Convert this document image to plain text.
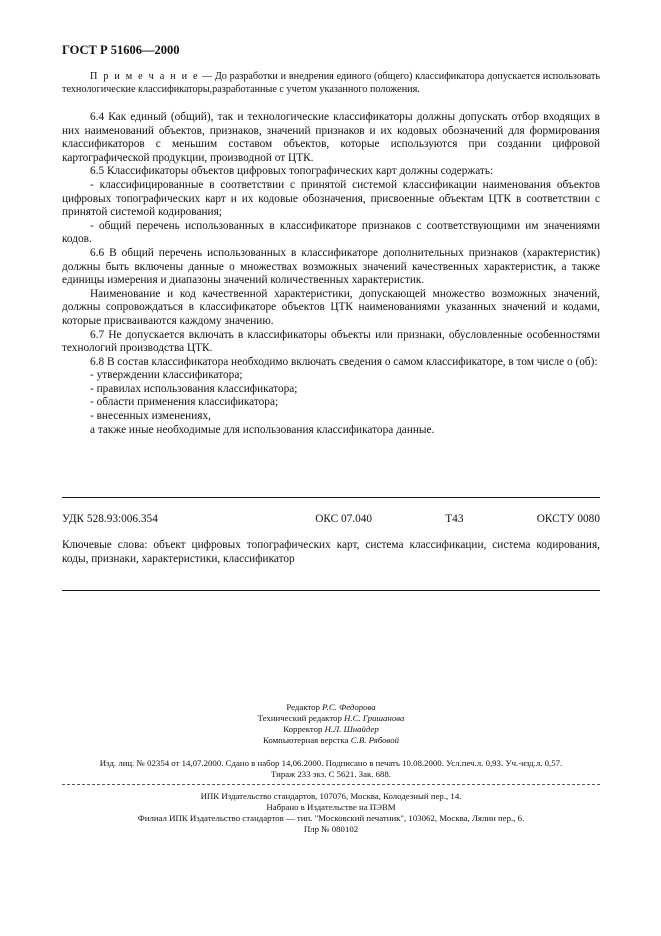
ГОСТ Р 51606—2000

П р и м е ч а н и е — До разработки и внедрения единого (общего) классификатора допускается использовать технологические классификаторы,разработанные с учетом указанного положения.

6.4 Как единый (общий), так и технологические классификаторы должны допускать отбор входящих в них наименований объектов, признаков, значений признаков и их кодовых обозначений для формирования классификаторов с меньшим составом объектов, которые используются при создании цифровой картографической продукции, производной от ЦТК.

6.5 Классификаторы объектов цифровых топографических карт должны содержать:

- классифицированные в соответствии с принятой системой классификации наименования объектов цифровых топографических карт и их кодовые обозначения, присвоенные объектам ЦТК в соответствии с принятой системой кодирования;

- общий перечень использованных в классификаторе признаков с соответствующими им значениями кодов.

6.6 В общий перечень использованных в классификаторе дополнительных признаков (характеристик) должны быть включены данные о множествах возможных значений качественных характеристик, а также единицы измерения и диапазоны значений количественных характеристик.

Наименование и код качественной характеристики, допускающей множество возможных значений, должны сопровождаться в классификаторе объектов ЦТК наименованиями указанных значений и кодами, которые присваиваются каждому значению.

6.7 Не допускается включать в классификаторы объекты или признаки, обусловленные особенностями технологий производства ЦТК.

6.8 В состав классификатора необходимо включать сведения о самом классификаторе, в том числе о (об):

- утверждении классификатора;

- правилах использования классификатора;

- области применения классификатора;

- внесенных изменениях,

а также иные необходимые для использования классификатора данные.

УДК 528.93:006.354	ОКС 07.040	Т43	ОКСТУ 0080
Ключевые слова: объект цифровых топографических карт, система классификации, система кодирования, коды, признаки, характеристики, классификатор

Редактор Р.С. Федорова

Технический редактор Н.С. Гришанова

Корректор Н.Л. Шнайдер

Компьютерная верстка С.В. Рябовой

Изд. лиц. № 02354 от 14,07.2000. Сдано в набор 14,06.2000. Подписано в печать 10.08.2000. Усл.печ.л. 0,93. Уч.-изд.л. 0,57.

Тираж 233 экз. С 5621. Зак. 688.

ИПК Издательство стандартов, 107076, Москва, Колодезный пер., 14.

Набрано в Издательстве на ПЭВМ

Филиал ИПК Издательство стандартов — тип. "Московский печатник", 103062, Москва, Лялин пер., 6.

Плр № 080102
